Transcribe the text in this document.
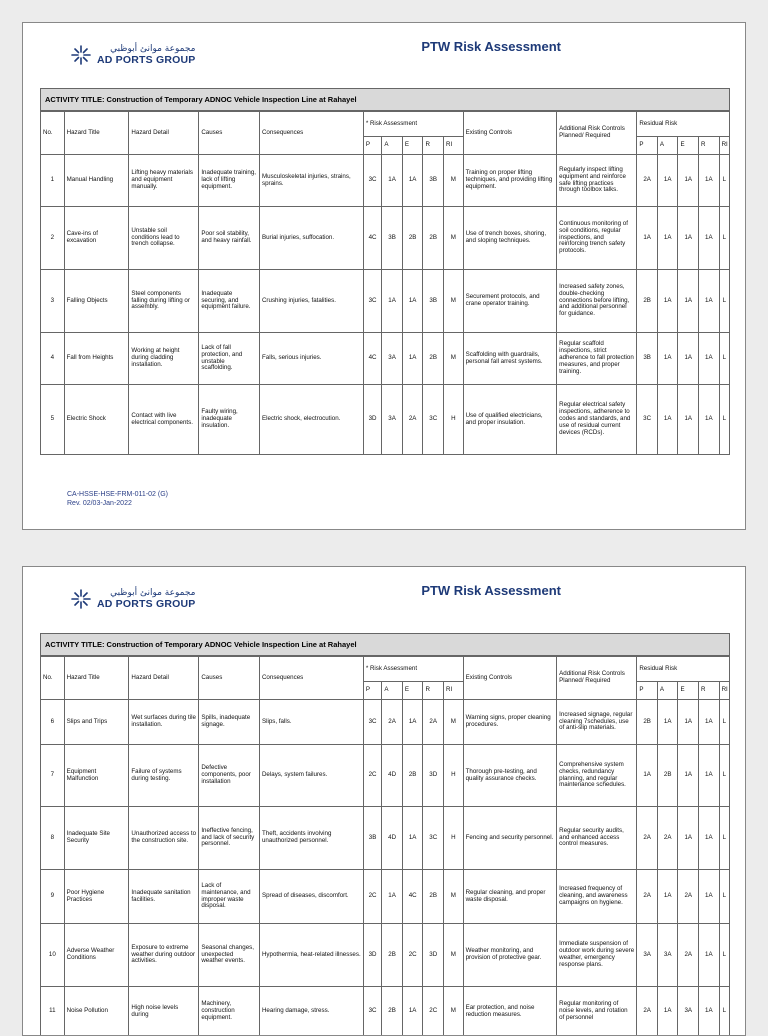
مجموعة موانئ أبوظبي
AD PORTS GROUP
PTW Risk Assessment
ACTIVITY TITLE: Construction of Temporary ADNOC Vehicle Inspection Line at Rahayel
No.	Hazard Title	Hazard Detail	Causes	Consequences	* Risk Assessment					Existing Controls	Additional Risk Controls Planned/ Required	Residual Risk				
					P	A	E	R	RI			P	A	E	R	RI
1	Manual Handling	Lifting heavy materials and equipment manually.	Inadequate training, lack of lifting equipment.	Musculoskeletal injuries, strains, sprains.	3C	1A	1A	3B	M	Training on proper lifting techniques, and providing lifting equipment.	Regularly inspect lifting equipment and reinforce safe lifting practices through toolbox talks.	2A	1A	1A	1A	L
2	Cave-ins of excavation	Unstable soil conditions lead to trench collapse.	Poor soil stability, and heavy rainfall.	Burial injuries, suffocation.	4C	3B	2B	2B	M	Use of trench boxes, shoring, and sloping techniques.	Continuous monitoring of soil conditions, regular inspections, and reinforcing trench safety protocols.	1A	1A	1A	1A	L
3	Falling Objects	Steel components falling during lifting or assembly.	Inadequate securing, and equipment failure.	Crushing injuries, fatalities.	3C	1A	1A	3B	M	Securement protocols, and crane operator training.	Increased safety zones, double-checking connections before lifting, and additional personnel for guidance.	2B	1A	1A	1A	L
4	Fall from Heights	Working at height during cladding installation.	Lack of fall protection, and unstable scaffolding.	Falls, serious injuries.	4C	3A	1A	2B	M	Scaffolding with guardrails, personal fall arrest systems.	Regular scaffold inspections, strict adherence to fall protection measures, and proper training.	3B	1A	1A	1A	L
5	Electric Shock	Contact with live electrical components.	Faulty wiring, inadequate insulation.	Electric shock, electrocution.	3D	3A	2A	3C	H	Use of qualified electricians, and proper insulation.	Regular electrical safety inspections, adherence to codes and standards, and use of residual current devices (RCDs).	3C	1A	1A	1A	L
CA-HSSE-HSE-FRM-011-02 (G)
Rev. 02/03-Jan-2022
مجموعة موانئ أبوظبي
AD PORTS GROUP
PTW Risk Assessment
ACTIVITY TITLE: Construction of Temporary ADNOC Vehicle Inspection Line at Rahayel
No.	Hazard Title	Hazard Detail	Causes	Consequences	* Risk Assessment					Existing Controls	Additional Risk Controls Planned/ Required	Residual Risk				
					P	A	E	R	RI			P	A	E	R	RI
6	Slips and Trips	Wet surfaces during tile installation.	Spills, inadequate signage.	Slips, falls.	3C	2A	1A	2A	M	Warning signs, proper cleaning procedures.	Increased signage, regular cleaning 7schedules, use of anti-slip materials.	2B	1A	1A	1A	L
7	Equipment Malfunction	Failure of systems during testing.	Defective components, poor installation	Delays, system failures.	2C	4D	2B	3D	H	Thorough pre-testing, and quality assurance checks.	Comprehensive system checks, redundancy planning, and regular maintenance schedules.	1A	2B	1A	1A	L
8	Inadequate Site Security	Unauthorized access to the construction site.	Ineffective fencing, and lack of security personnel.	Theft, accidents involving unauthorized personnel.	3B	4D	1A	3C	H	Fencing and security personnel.	Regular security audits, and enhanced access control measures.	2A	2A	1A	1A	L
9	Poor Hygiene Practices	Inadequate sanitation facilities.	Lack of maintenance, and improper waste disposal.	Spread of diseases, discomfort.	2C	1A	4C	2B	M	Regular cleaning, and proper waste disposal.	Increased frequency of cleaning, and awareness campaigns on hygiene.	2A	1A	2A	1A	L
10	Adverse Weather Conditions	Exposure to extreme weather during outdoor activities.	Seasonal changes, unexpected weather events.	Hypothermia, heat-related illnesses.	3D	2B	2C	3D	M	Weather monitoring, and provision of protective gear.	Immediate suspension of outdoor work during severe weather, emergency response plans.	3A	3A	2A	1A	L
11	Noise Pollution	High noise levels during	Machinery, construction equipment.	Hearing damage, stress.	3C	2B	1A	2C	M	Ear protection, and noise reduction measures.	Regular monitoring of noise levels, and rotation of personnel	2A	1A	3A	1A	L
